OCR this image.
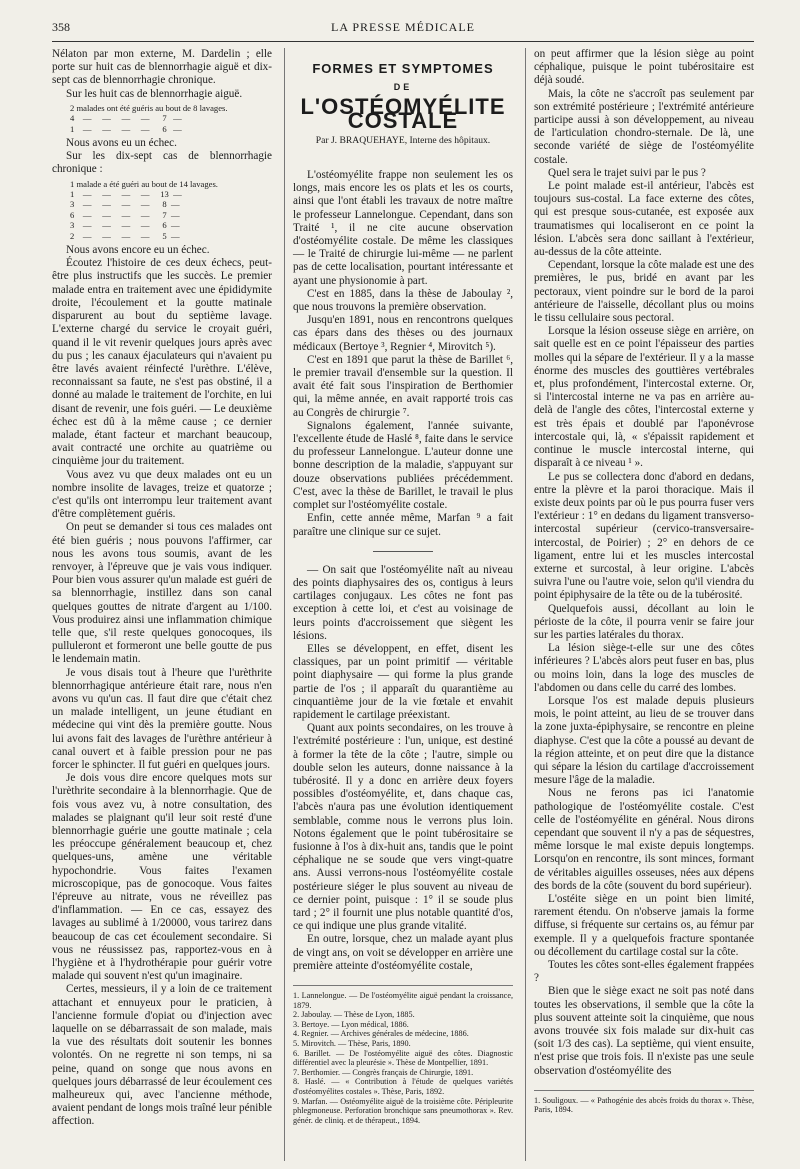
358	LA PRESSE MÉDICALE

Nélaton par mon externe, M. Dardelin ; elle porte sur huit cas de blennorrhagie aiguë et dix-sept cas de blennorrhagie chronique.

Sur les huit cas de blennorrhagie aiguë.

2 malades ont été guéris au bout de 8 lavages.
4    —     —     —     —      7   —
1    —     —     —     —      6   —

Nous avons eu un échec.

Sur les dix-sept cas de blennorrhagie chronique :

1 malade a été guéri au bout de 14 lavages.
1    —     —     —     —     13  —
3    —     —     —     —      8  —
6    —     —     —     —      7  —
3    —     —     —     —      6  —
2    —     —     —     —      5  —

Nous avons encore eu un échec.

Écoutez l'histoire de ces deux échecs, peut-être plus instructifs que les succès. Le premier malade entra en traitement avec une épididymite droite, l'écoulement et la goutte matinale disparurent au bout du septième lavage. L'externe chargé du service le croyait guéri, quand il le vit revenir quelques jours après avec du pus ; les canaux éjaculateurs qui n'avaient pu être lavés avaient réinfecté l'urèthre. L'élève, reconnaissant sa faute, ne s'est pas obstiné, il a donné au malade le traitement de l'orchite, en lui disant de revenir, une fois guéri. — Le deuxième échec est dû à la même cause ; ce dernier malade, étant facteur et marchant beaucoup, avait contracté une orchite au quatrième ou cinquième jour du traitement.

Vous avez vu que deux malades ont eu un nombre insolite de lavages, treize et quatorze ; c'est qu'ils ont interrompu leur traitement avant d'être complètement guéris.

On peut se demander si tous ces malades ont été bien guéris ; nous pouvons l'affirmer, car nous les avons tous soumis, avant de les renvoyer, à l'épreuve que je vais vous indiquer. Pour bien vous assurer qu'un malade est guéri de sa blennorrhagie, instillez dans son canal quelques gouttes de nitrate d'argent au 1/100. Vous produirez ainsi une inflammation chimique telle que, s'il reste quelques gonocoques, ils pulluleront et formeront une belle goutte de pus le lendemain matin.

Je vous disais tout à l'heure que l'urèthrite blennorrhagique antérieure était rare, nous n'en avons vu qu'un cas. Il faut dire que c'était chez un malade intelligent, un jeune étudiant en médecine qui vint dès la première goutte. Nous lui avons fait des lavages de l'urèthre antérieur à canal ouvert et à faible pression pour ne pas forcer le sphincter. Il fut guéri en quelques jours.

Je dois vous dire encore quelques mots sur l'urèthrite secondaire à la blennorrhagie. Que de fois vous avez vu, à notre consultation, des malades se plaignant qu'il leur soit resté d'une blennorrhagie guérie une goutte matinale ; cela les préoccupe généralement beaucoup et, chez quelques-uns, amène une véritable hypochondrie. Vous faites l'examen microscopique, pas de gonocoque. Vous faites l'épreuve au nitrate, vous ne réveillez pas d'inflammation. — En ce cas, essayez des lavages au sublimé à 1/20000, vous tarirez dans beaucoup de cas cet écoulement secondaire. Si vous ne réussissez pas, rapportez-vous en à l'hygiène et à l'hydrothérapie pour guérir votre malade qui souvent n'est qu'un imaginaire.

Certes, messieurs, il y a loin de ce traitement attachant et ennuyeux pour le praticien, à l'ancienne formule d'opiat ou d'injection avec laquelle on se débarrassait de son malade, mais la vue des résultats doit soutenir les bonnes volontés. On ne regrette ni son temps, ni sa peine, quand on songe que nous avons en quelques jours débarrassé de leur écoulement ces malheureux qui, avec l'ancienne méthode, avaient pendant de longs mois traîné leur pénible affection.

FORMES ET SYMPTOMES
DE
L'OSTÉOMYÉLITE COSTALE
Par J. BRAQUEHAYE, Interne des hôpitaux.

L'ostéomyélite frappe non seulement les os longs, mais encore les os plats et les os courts, ainsi que l'ont établi les travaux de notre maître le professeur Lannelongue. Cependant, dans son Traité ¹, il ne cite aucune observation d'ostéomyélite costale. De même les classiques — le Traité de chirurgie lui-même — ne parlent pas de cette localisation, pourtant intéressante et ayant une physionomie à part.

C'est en 1885, dans la thèse de Jaboulay ², que nous trouvons la première observation.

Jusqu'en 1891, nous en rencontrons quelques cas épars dans des thèses ou des journaux médicaux (Bertoye ³, Regnier ⁴, Mirovitch ⁵).

C'est en 1891 que parut la thèse de Barillet ⁶, le premier travail d'ensemble sur la question. Il avait été fait sous l'inspiration de Berthomier qui, la même année, en avait rapporté trois cas au Congrès de chirurgie ⁷.

Signalons également, l'année suivante, l'excellente étude de Haslé ⁸, faite dans le service du professeur Lannelongue. L'auteur donne une bonne description de la maladie, s'appuyant sur douze observations publiées précédemment. C'est, avec la thèse de Barillet, le travail le plus complet sur l'ostéomyélite costale.

Enfin, cette année même, Marfan ⁹ a fait paraître une clinique sur ce sujet.

— On sait que l'ostéomyélite naît au niveau des points diaphysaires des os, contigus à leurs cartilages conjugaux. Les côtes ne font pas exception à cette loi, et c'est au voisinage de leurs points d'accroissement que siègent les lésions.

Elles se développent, en effet, disent les classiques, par un point primitif — véritable point diaphysaire — qui forme la plus grande partie de l'os ; il apparaît du quarantième au cinquantième jour de la vie fœtale et envahit rapidement le cartilage préexistant.

Quant aux points secondaires, on les trouve à l'extrémité postérieure : l'un, unique, est destiné à former la tête de la côte ; l'autre, simple ou double selon les auteurs, donne naissance à la tubérosité. Il y a donc en arrière deux foyers possibles d'ostéomyélite, et, dans chaque cas, l'abcès n'aura pas une évolution identiquement semblable, comme nous le verrons plus loin. Notons également que le point tubérositaire se fusionne à l'os à dix-huit ans, tandis que le point céphalique ne se soude que vers vingt-quatre ans. Aussi verrons-nous l'ostéomyélite costale postérieure siéger le plus souvent au niveau de ce dernier point, puisque : 1° il se soude plus tard ; 2° il fournit une plus notable quantité d'os, ce qui indique une plus grande vitalité.

En outre, lorsque, chez un malade ayant plus de vingt ans, on voit se développer en arrière une première atteinte d'ostéomyélite costale,

1. Lannelongue. — De l'ostéomyélite aiguë pendant la croissance, 1879.

2. Jaboulay. — Thèse de Lyon, 1885.

3. Bertoye. — Lyon médical, 1886.

4. Regnier. — Archives générales de médecine, 1886.

5. Mirovitch. — Thèse, Paris, 1890.

6. Barillet. — De l'ostéomyélite aiguë des côtes. Diagnostic différentiel avec la pleurésie ». Thèse de Montpellier, 1891.

7. Berthomier. — Congrès français de Chirurgie, 1891.

8. Haslé. — « Contribution à l'étude de quelques variétés d'ostéomyélites costales ». Thèse, Paris, 1892.

9. Marfan. — Ostéomyélite aiguë de la troisième côte. Péripleurite phlegmoneuse. Perforation bronchique sans pneumothorax ». Rev. génér. de cliniq. et de thérapeut., 1894.

on peut affirmer que la lésion siège au point céphalique, puisque le point tubérositaire est déjà soudé.

Mais, la côte ne s'accroît pas seulement par son extrémité postérieure ; l'extrémité antérieure participe aussi à son développement, au niveau de l'articulation chondro-sternale. De là, une seconde variété de siège de l'ostéomyélite costale.

Quel sera le trajet suivi par le pus ?

Le point malade est-il antérieur, l'abcès est toujours sus-costal. La face externe des côtes, qui est presque sous-cutanée, est exposée aux traumatismes qui localiseront en ce point la lésion. L'abcès sera donc saillant à l'extérieur, au-dessus de la côte atteinte.

Cependant, lorsque la côte malade est une des premières, le pus, bridé en avant par les pectoraux, vient poindre sur le bord de la paroi antérieure de l'aisselle, décollant plus ou moins le tissu cellulaire sous pectoral.

Lorsque la lésion osseuse siège en arrière, on sait quelle est en ce point l'épaisseur des parties molles qui la sépare de l'extérieur. Il y a la masse énorme des muscles des gouttières vertébrales et, plus profondément, l'intercostal externe. Or, si l'intercostal interne ne va pas en arrière au-delà de l'angle des côtes, l'intercostal externe y est très épais et doublé par l'aponévrose intercostale qui, là, « s'épaissit rapidement et continue le muscle intercostal interne, qui disparaît à ce niveau ¹ ».

Le pus se collectera donc d'abord en dedans, entre la plèvre et la paroi thoracique. Mais il existe deux points par où le pus pourra fuser vers l'extérieur : 1° en dedans du ligament transverso-intercostal supérieur (cervico-transversaire-intercostal, de Poirier) ; 2° en dehors de ce ligament, entre lui et les muscles intercostal externe et surcostal, à leur origine. L'abcès suivra l'une ou l'autre voie, selon qu'il viendra du point épiphysaire de la tête ou de la tubérosité.

Quelquefois aussi, décollant au loin le périoste de la côte, il pourra venir se faire jour sur les parties latérales du thorax.

La lésion siège-t-elle sur une des côtes inférieures ? L'abcès alors peut fuser en bas, plus ou moins loin, dans la loge des muscles de l'abdomen ou dans celle du carré des lombes.

Lorsque l'os est malade depuis plusieurs mois, le point atteint, au lieu de se trouver dans la zone juxta-épiphysaire, se rencontre en pleine diaphyse. C'est que la côte a poussé au devant de la région atteinte, et on peut dire que la distance qui sépare la lésion du cartilage d'accroissement mesure l'âge de la maladie.

Nous ne ferons pas ici l'anatomie pathologique de l'ostéomyélite costale. C'est celle de l'ostéomyélite en général. Nous dirons cependant que souvent il n'y a pas de séquestres, même lorsque le mal existe depuis longtemps. Lorsqu'on en rencontre, ils sont minces, formant de véritables aiguilles osseuses, nées aux dépens des bords de la côte (souvent du bord supérieur).

L'ostéite siège en un point bien limité, rarement étendu. On n'observe jamais la forme diffuse, si fréquente sur certains os, au fémur par exemple. Il y a quelquefois fracture spontanée ou décollement du cartilage costal sur la côte.

Toutes les côtes sont-elles également frappées ?

Bien que le siège exact ne soit pas noté dans toutes les observations, il semble que la côte la plus souvent atteinte soit la cinquième, que nous avons trouvée six fois malade sur dix-huit cas (soit 1/3 des cas). La septième, qui vient ensuite, n'est prise que trois fois. Il n'existe pas une seule observation d'ostéomyélite des

1. Souligoux. — « Pathogénie des abcès froids du thorax ». Thèse, Paris, 1894.
